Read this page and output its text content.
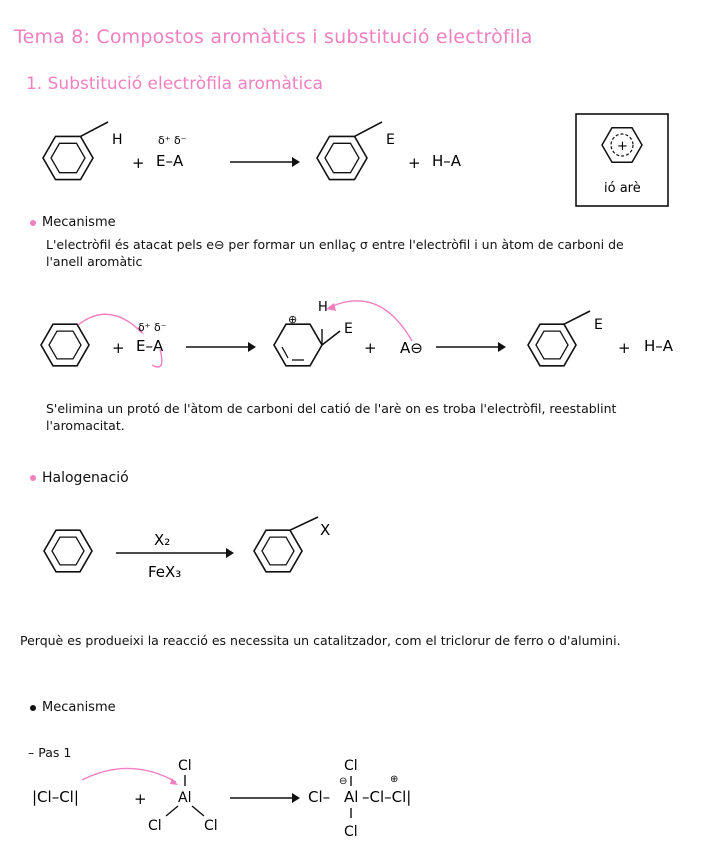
Tema 8: Compostos aromàtics i substitució electròfila
1. Substitució electròfila aromàtica
H
+
δ⁺ δ⁻
E–A
E
+ H–A
+
ió arè
Mecanisme
L'electròfil és atacat pels e⊖ per formar un enllaç σ entre l'electròfil i un àtom de carboni de l'anell aromàtic
+
δ⁺ δ⁻
E–A
⊕
H
E
+ A⊖
E
+ H–A
S'elimina un protó de l'àtom de carboni del catió de l'arè on es troba l'electròfil, reestablint l'aromacitat.
Halogenació
X₂
FeX₃
X
Perquè es produeixi la reacció es necessita un catalitzador, com el triclorur de ferro o d'alumini.
Mecanisme
– Pas 1
|Cl–Cl|	+
Cl
Al
Cl	Cl
Cl–
⊖
Cl
Al
Cl
⊕
–Cl–Cl|
